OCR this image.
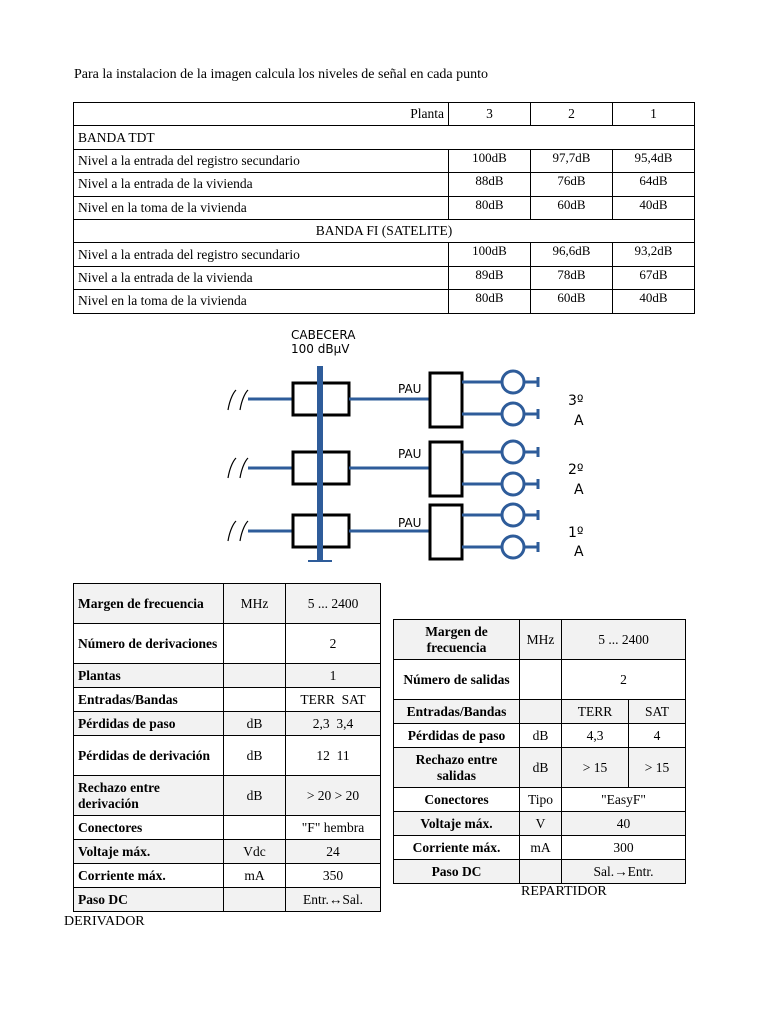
Para la instalacion de la imagen calcula los niveles de señal en cada punto
Planta	3	2	1
BANDA TDT			
Nivel a la entrada del registro secundario	100dB	97,7dB	95,4dB
Nivel a la entrada de la vivienda	88dB	76dB	64dB
Nivel en la toma de la vivienda	80dB	60dB	40dB
BANDA FI (SATELITE)			
Nivel a la entrada del registro secundario	100dB	96,6dB	93,2dB
Nivel a la entrada de la vivienda	89dB	78dB	67dB
Nivel en la toma de la vivienda	80dB	60dB	40dB
CABECERA
100 dBμV
PAU
3º
A
PAU
2º
A
PAU
1º
A
Margen de frecuencia	MHz	5 ... 2400
Número de derivaciones		2
Plantas		1
Entradas/Bandas		TERR  SAT
Pérdidas de paso	dB	2,3  3,4
Pérdidas de derivación	dB	12  11
Rechazo entre derivación	dB	> 20 > 20
Conectores		"F" hembra
Voltaje máx.	Vdc	24
Corriente máx.	mA	350
Paso DC		Entr.↔Sal.
DERIVADOR
Margen de frecuencia	MHz	5 ... 2400	
Número de salidas		2	
Entradas/Bandas		TERR	SAT
Pérdidas de paso	dB	4,3	4
Rechazo entre salidas	dB	> 15	> 15
Conectores	Tipo	"EasyF"	
Voltaje máx.	V	40	
Corriente máx.	mA	300	
Paso DC		Sal.→Entr.	
REPARTIDOR
